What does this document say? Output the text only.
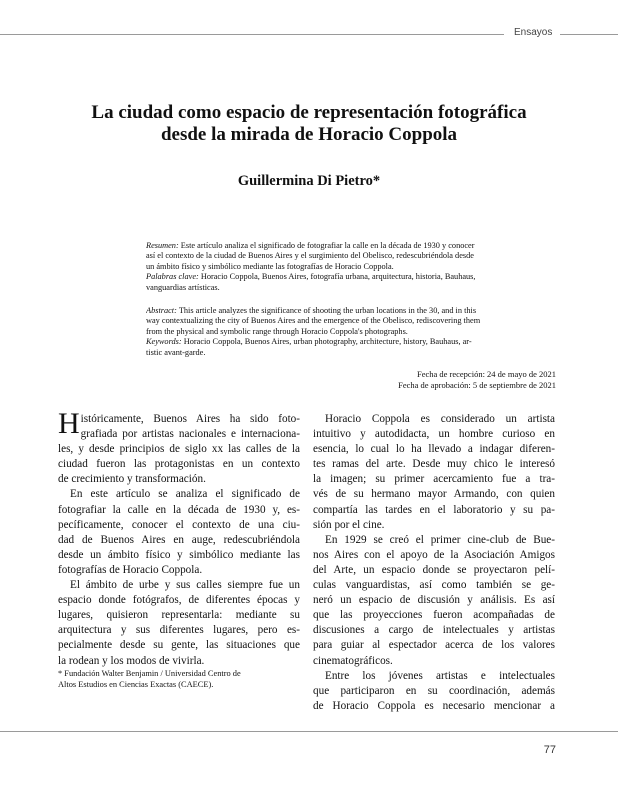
Ensayos
La ciudad como espacio de representación fotográfica
desde la mirada de Horacio Coppola
Guillermina Di Pietro*
Resumen: Este artículo analiza el significado de fotografiar la calle en la década de 1930 y conocer
así el contexto de la ciudad de Buenos Aires y el surgimiento del Obelisco, redescubriéndola desde
un ámbito físico y simbólico mediante las fotografías de Horacio Coppola.
Palabras clave: Horacio Coppola, Buenos Aires, fotografía urbana, arquitectura, historia, Bauhaus,
vanguardias artísticas.
Abstract: This article analyzes the significance of shooting the urban locations in the 30, and in this
way contextualizing the city of Buenos Aires and the emergence of the Obelisco, rediscovering them
from the physical and symbolic range through Horacio Coppola's photographs.
Keywords: Horacio Coppola, Buenos Aires, urban photography, architecture, history, Bauhaus, ar-
tistic avant-garde.
Fecha de recepción: 24 de mayo de 2021
Fecha de aprobación: 5 de septiembre de 2021
H istóricamente, Buenos Aires ha sido foto-
grafiada por artistas nacionales e internaciona-
les, y desde principios de siglo xx las calles de la
ciudad fueron las protagonistas en un contexto
de crecimiento y transformación.
En este artículo se analiza el significado de
fotografiar la calle en la década de 1930 y, es-
pecíficamente, conocer el contexto de una ciu-
dad de Buenos Aires en auge, redescubriéndola
desde un ámbito físico y simbólico mediante las
fotografías de Horacio Coppola.
El ámbito de urbe y sus calles siempre fue un
espacio donde fotógrafos, de diferentes épocas y
lugares, quisieron representarla: mediante su
arquitectura y sus diferentes lugares, pero es-
pecialmente desde su gente, las situaciones que
la rodean y los modos de vivirla.
* Fundación Walter Benjamin / Universidad Centro de
Altos Estudios en Ciencias Exactas (CAECE).
Horacio Coppola es considerado un artista
intuitivo y autodidacta, un hombre curioso en
esencia, lo cual lo ha llevado a indagar diferen-
tes ramas del arte. Desde muy chico le interesó
la imagen; su primer acercamiento fue a tra-
vés de su hermano mayor Armando, con quien
compartía las tardes en el laboratorio y su pa-
sión por el cine.
En 1929 se creó el primer cine-club de Bue-
nos Aires con el apoyo de la Asociación Amigos
del Arte, un espacio donde se proyectaron pelí-
culas vanguardistas, así como también se ge-
neró un espacio de discusión y análisis. Es así
que las proyecciones fueron acompañadas de
discusiones a cargo de intelectuales y artistas
para guiar al espectador acerca de los valores
cinematográficos.
Entre los jóvenes artistas e intelectuales
que participaron en su coordinación, además
de Horacio Coppola es necesario mencionar a
77
